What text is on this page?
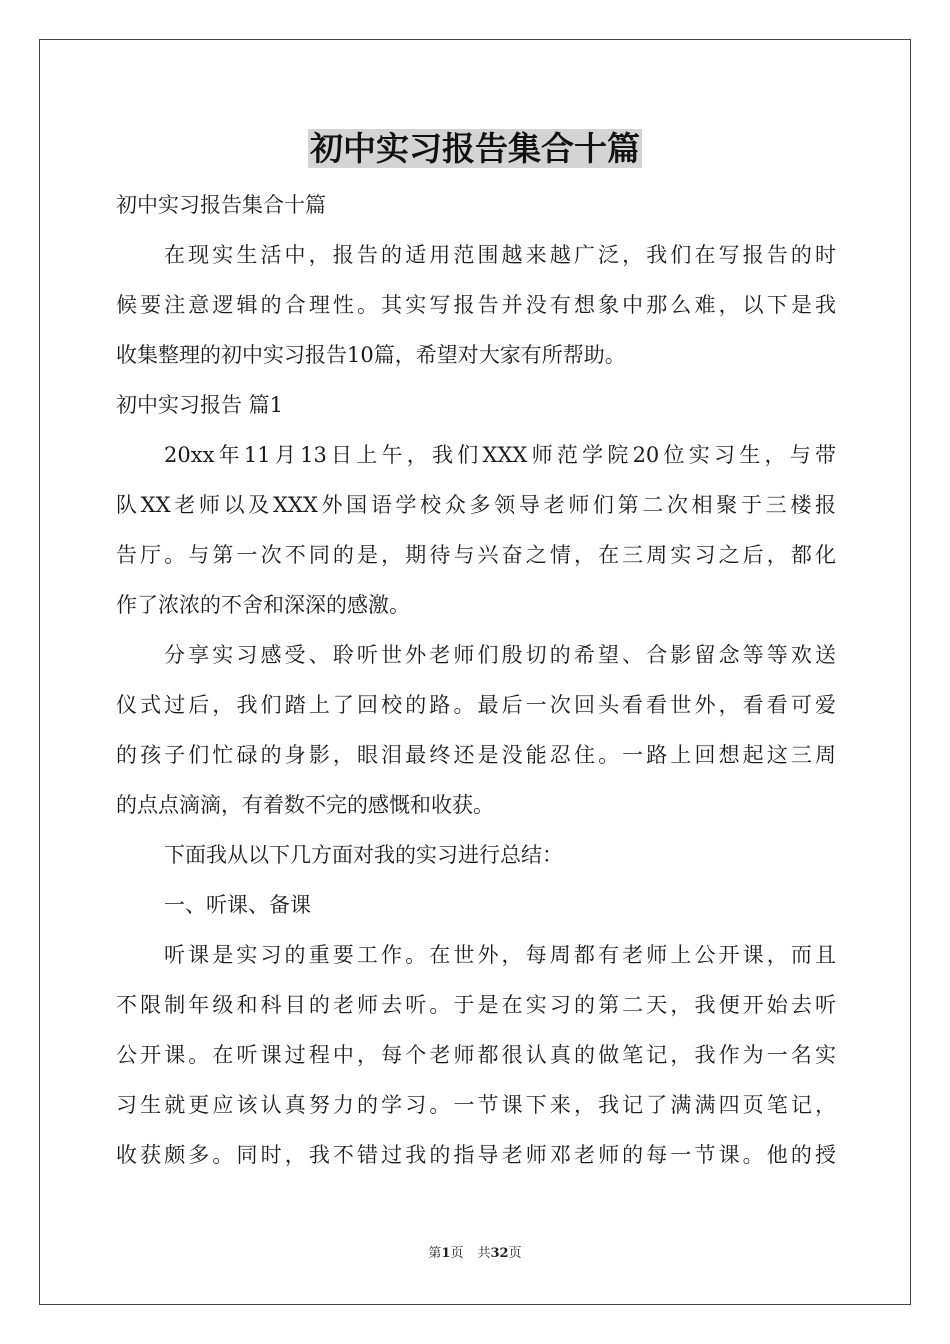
初中实习报告集合十篇
初中实习报告集合十篇
在现实生活中，报告的适用范围越来越广泛，我们在写报告的时
候要注意逻辑的合理性。其实写报告并没有想象中那么难，以下是我
收集整理的初中实习报告10篇，希望对大家有所帮助。
初中实习报告 篇1
20xx年11月13日上午，我们XXX师范学院20位实习生，与带
队XX老师以及XXX外国语学校众多领导老师们第二次相聚于三楼报
告厅。与第一次不同的是，期待与兴奋之情，在三周实习之后，都化
作了浓浓的不舍和深深的感激。
分享实习感受、聆听世外老师们殷切的希望、合影留念等等欢送
仪式过后，我们踏上了回校的路。最后一次回头看看世外，看看可爱
的孩子们忙碌的身影，眼泪最终还是没能忍住。一路上回想起这三周
的点点滴滴，有着数不完的感慨和收获。
下面我从以下几方面对我的实习进行总结：
一、听课、备课
听课是实习的重要工作。在世外，每周都有老师上公开课，而且
不限制年级和科目的老师去听。于是在实习的第二天，我便开始去听
公开课。在听课过程中，每个老师都很认真的做笔记，我作为一名实
习生就更应该认真努力的学习。一节课下来，我记了满满四页笔记，
收获颇多。同时，我不错过我的指导老师邓老师的每一节课。他的授
第1页 共32页
